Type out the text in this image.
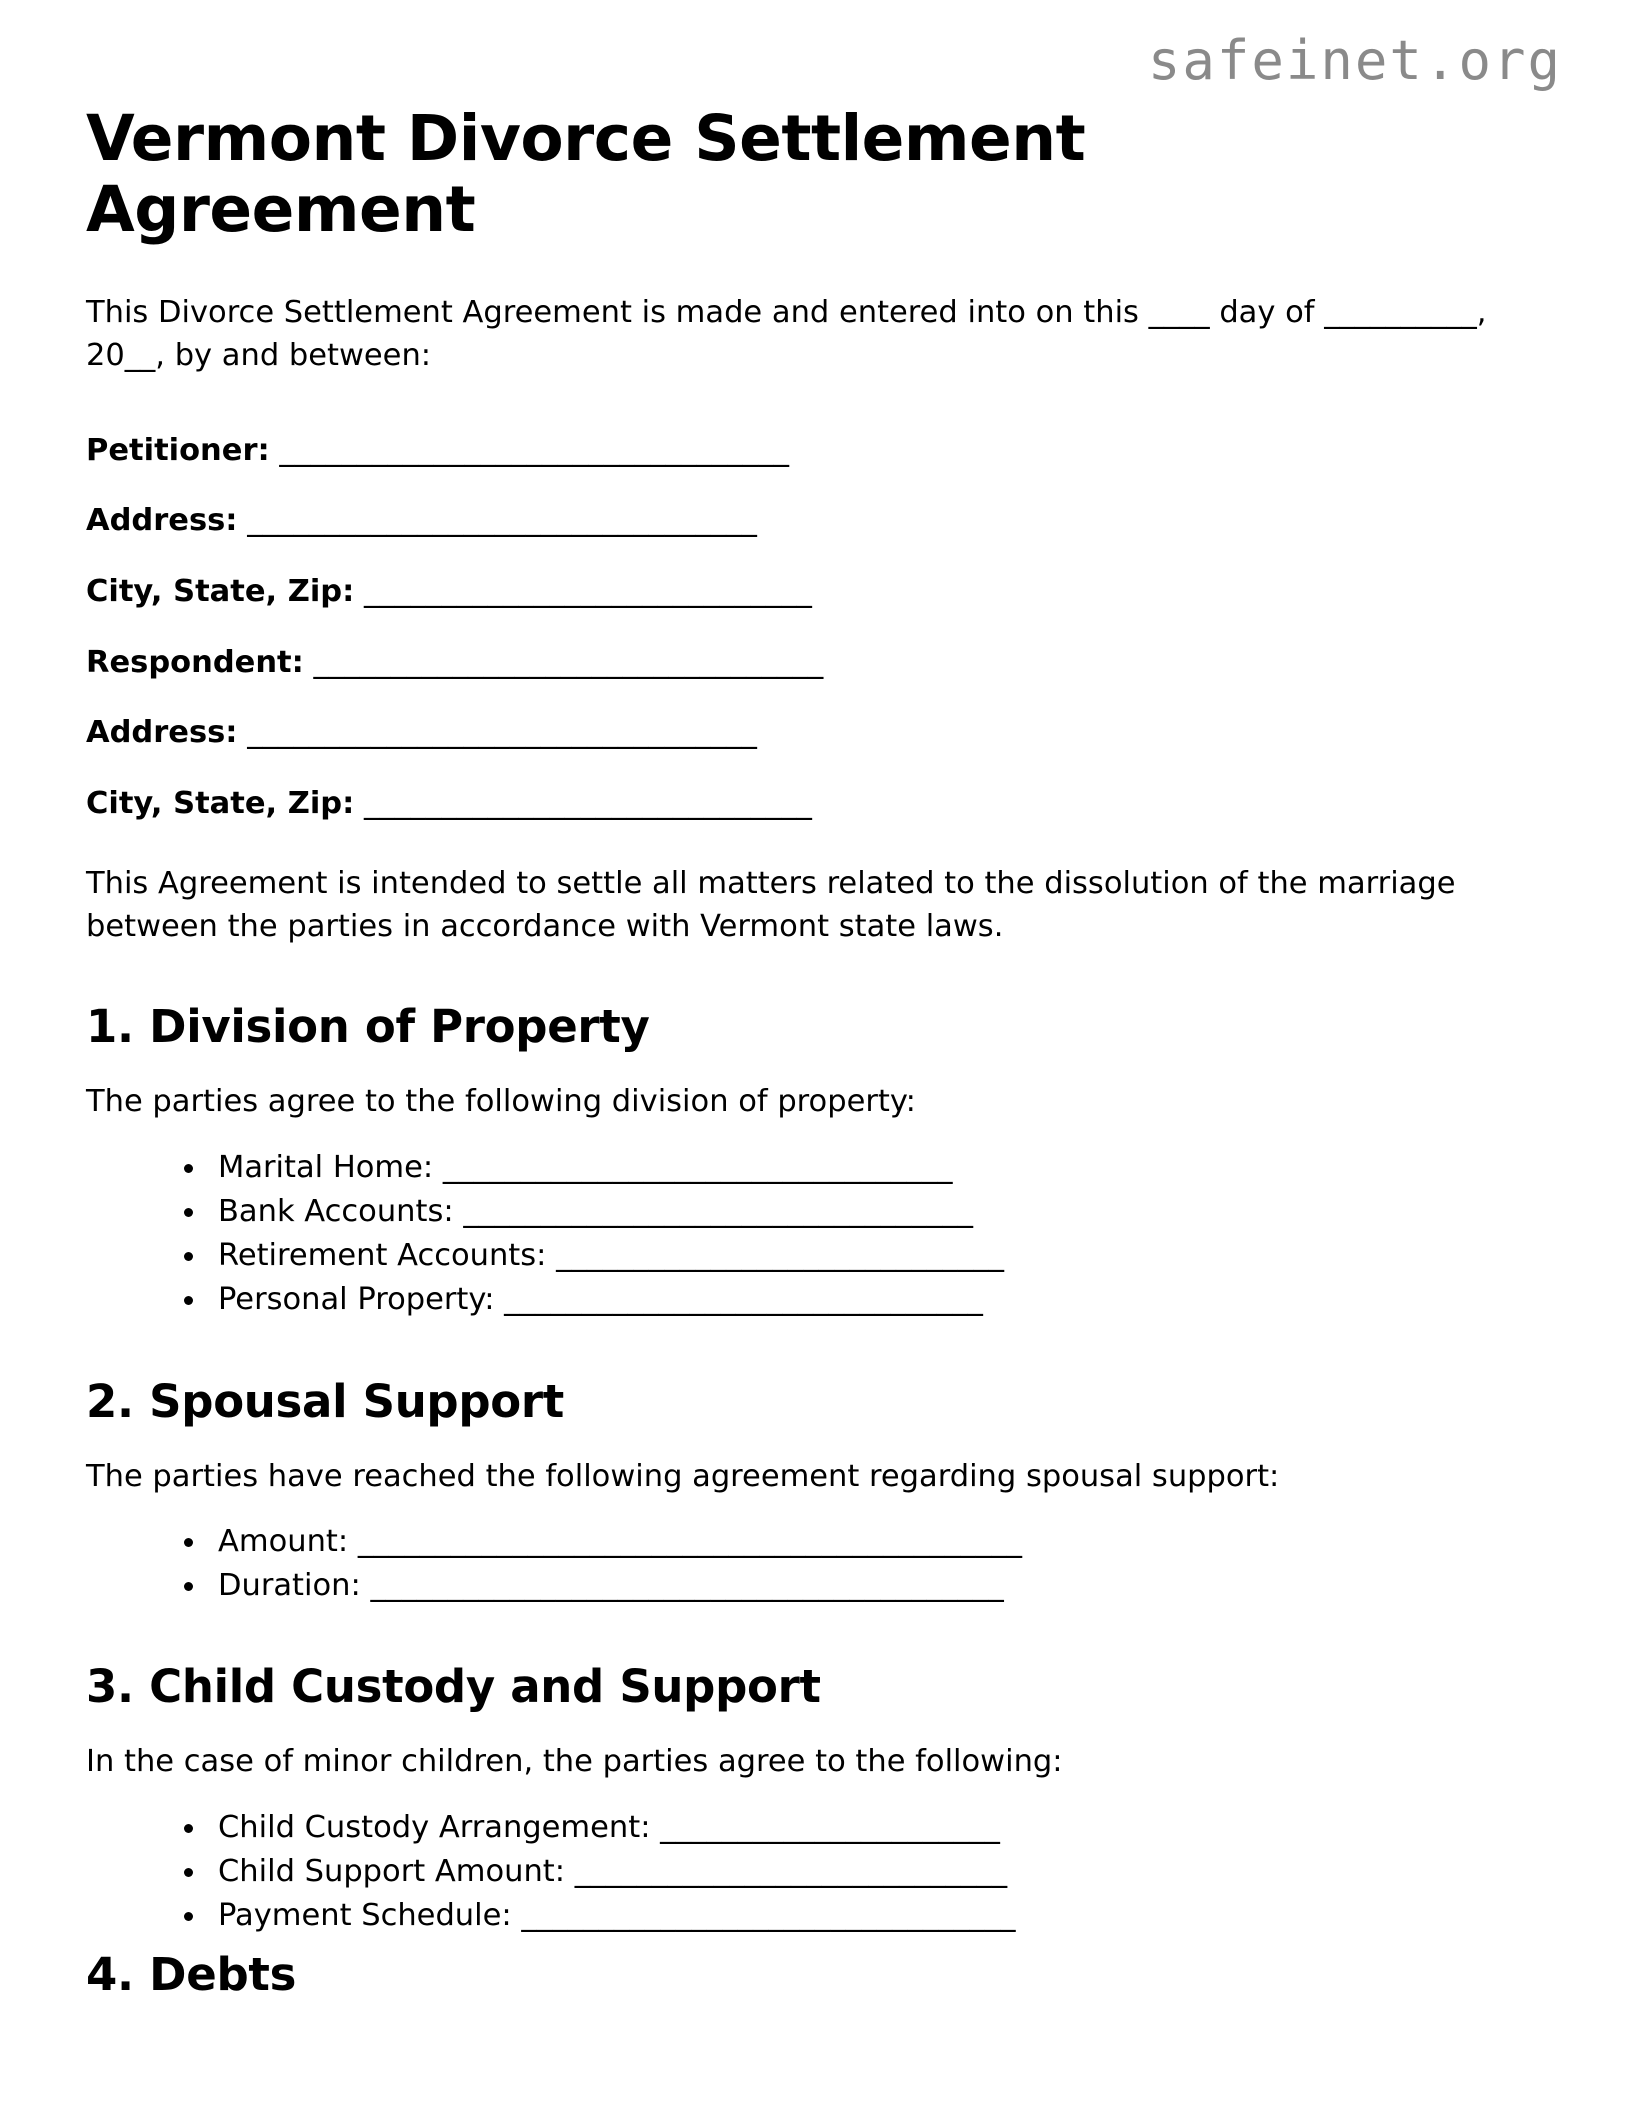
safeinet.org
Vermont Divorce Settlement Agreement

This Divorce Settlement Agreement is made and entered into on this ____ day of __________, 20__, by and between:

Petitioner: _________________________________
Address: _________________________________
City, State, Zip: _____________________________
Respondent: _________________________________
Address: _________________________________
City, State, Zip: _____________________________

This Agreement is intended to settle all matters related to the dissolution of the marriage between the parties in accordance with Vermont state laws.

1. Division of Property

The parties agree to the following division of property:

Marital Home: _________________________________
Bank Accounts: _________________________________
Retirement Accounts: _____________________________
Personal Property: _______________________________
2. Spousal Support

The parties have reached the following agreement regarding spousal support:

Amount: ___________________________________________
Duration: _________________________________________
3. Child Custody and Support

In the case of minor children, the parties agree to the following:

Child Custody Arrangement: ______________________
Child Support Amount: ____________________________
Payment Schedule: ________________________________
4. Debts
